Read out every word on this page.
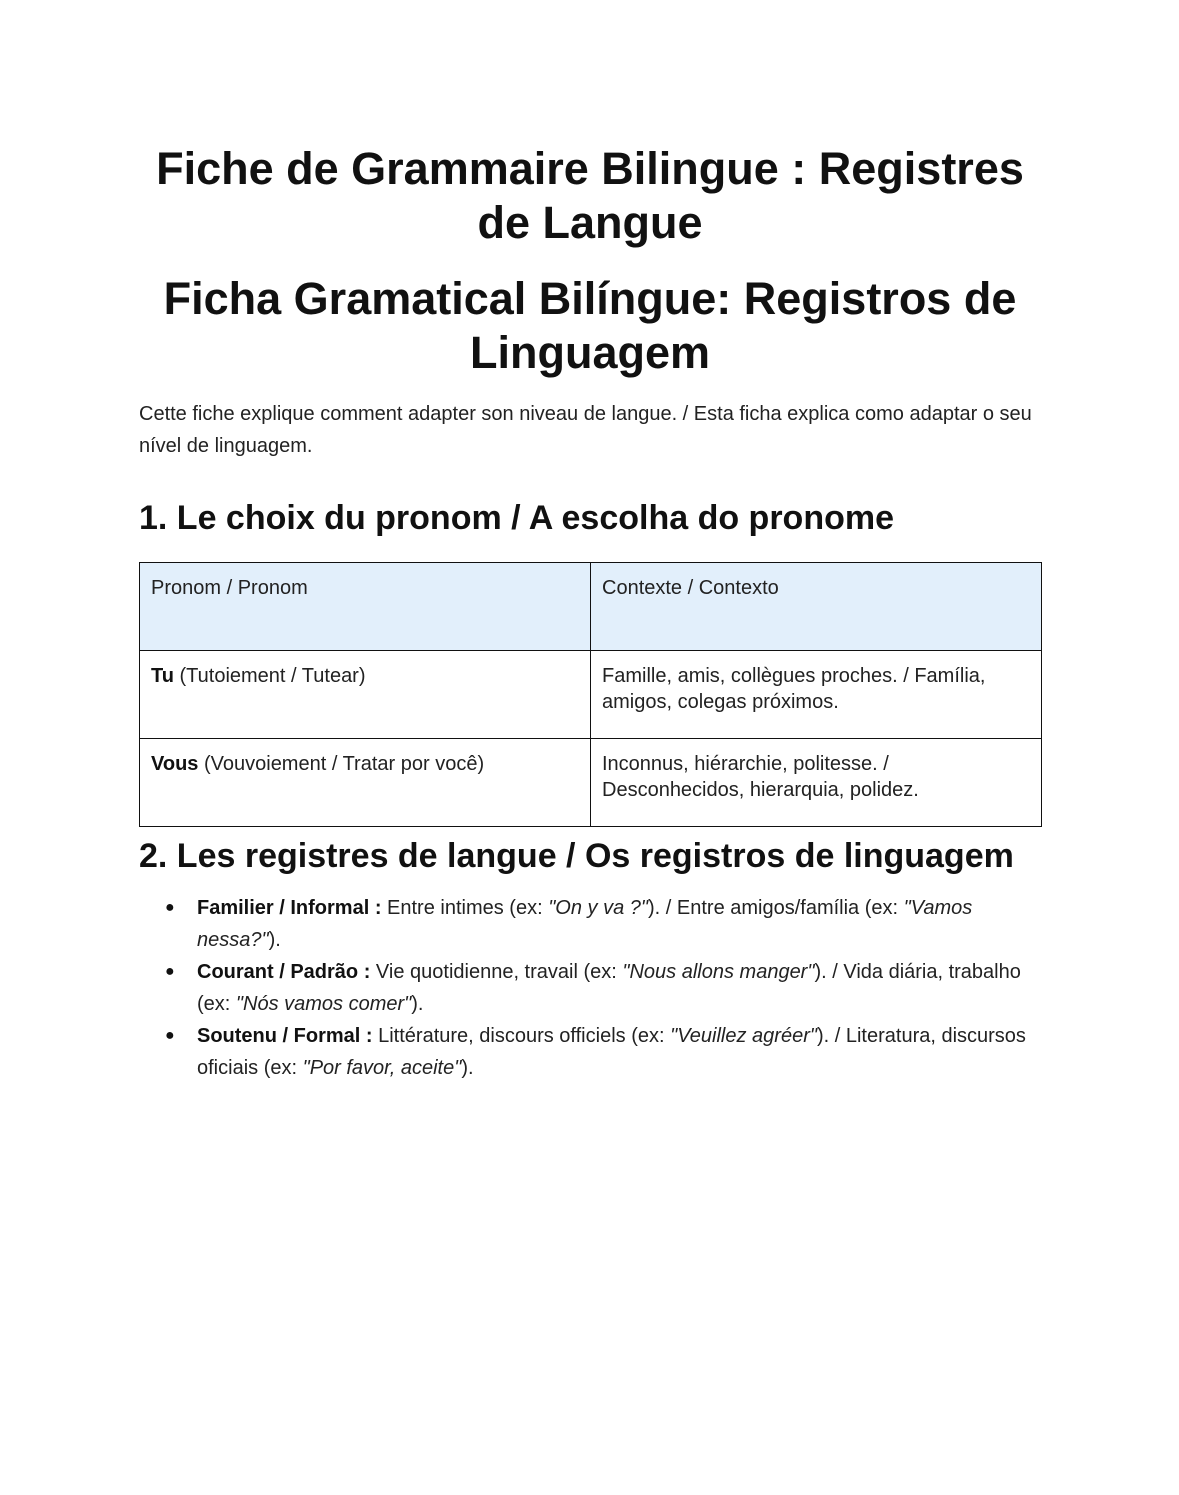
Fiche de Grammaire Bilingue : Registres de Langue
Ficha Gramatical Bilíngue: Registros de Linguagem

Cette fiche explique comment adapter son niveau de langue. / Esta ficha explica como adaptar o seu nível de linguagem.

1. Le choix du pronom / A escolha do pronome
Pronom / Pronom	Contexte / Contexto
Tu (Tutoiement / Tutear)	Famille, amis, collègues proches. / Família, amigos, colegas próximos.
Vous (Vouvoiement / Tratar por você)	Inconnus, hiérarchie, politesse. / Desconhecidos, hierarquia, polidez.
2. Les registres de langue / Os registros de linguagem
● Familier / Informal : Entre intimes (ex: "On y va ?"). / Entre amigos/família (ex: "Vamos nessa?").
● Courant / Padrão : Vie quotidienne, travail (ex: "Nous allons manger"). / Vida diária, trabalho (ex: "Nós vamos comer").
● Soutenu / Formal : Littérature, discours officiels (ex: "Veuillez agréer"). / Literatura, discursos oficiais (ex: "Por favor, aceite").
